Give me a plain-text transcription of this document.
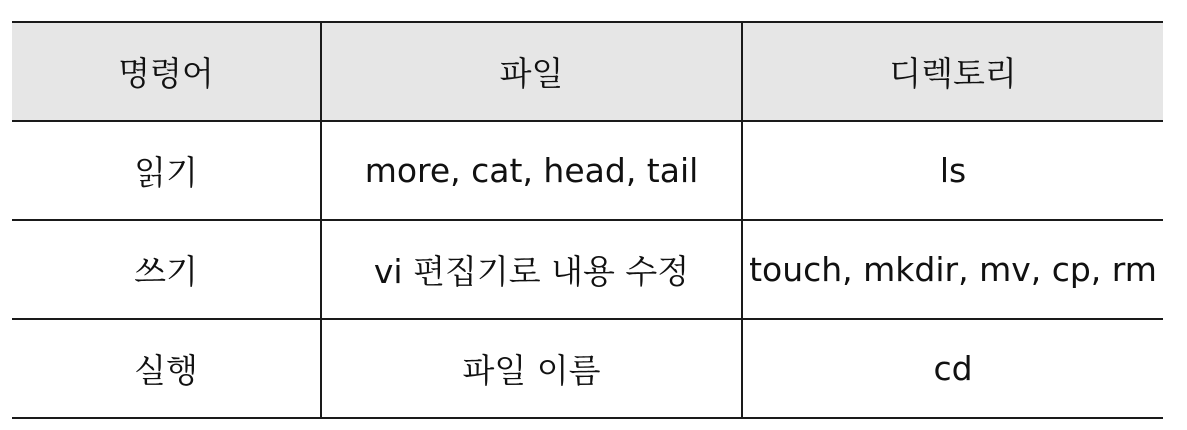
명령어	파일	디렉토리
읽기	more, cat, head, tail	ls
쓰기	vi 편집기로 내용 수정	touch, mkdir, mv, cp, rm
실행	파일 이름	cd
